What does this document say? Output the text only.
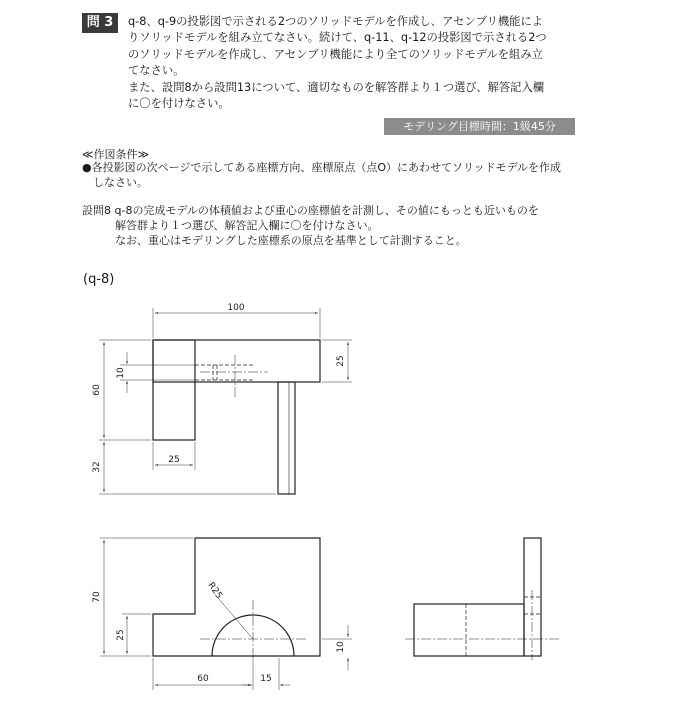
問 3	q-8、q-9の投影図で示される2つのソリッドモデルを作成し、アセンブリ機能によ
りソリッドモデルを組み立てなさい。続けて、q-11、q-12の投影図で示される2つ
のソリッドモデルを作成し、アセンブリ機能により全てのソリッドモデルを組み立
てなさい。
また、設問8から設問13について、適切なものを解答群より１つ選び、解答記入欄
に〇を付けなさい。
モデリング目標時間：1級45分
≪作図条件≫
●各投影図の次ページで示してある座標方向、座標原点（点O）にあわせてソリッドモデルを作成
　しなさい。
設問8 q-8の完成モデルの体積値および重心の座標値を計測し、その値にもっとも近いものを
　　　解答群より１つ選び、解答記入欄に〇を付けなさい。
　　　なお、重心はモデリングした座標系の原点を基準として計測すること。
(q-8)
100
25
10
60
32
25
70
25
R25
10
60	15
